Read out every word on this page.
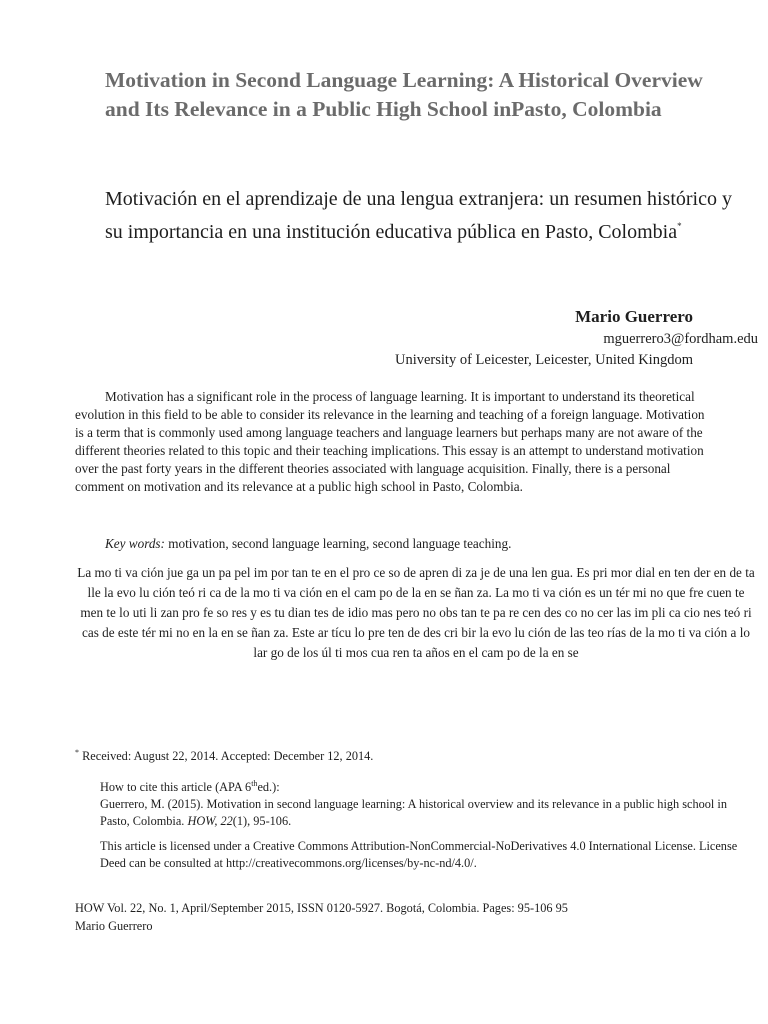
Motivation in Second Language Learning: A Historical Overview and Its Relevance in a Public High School inPasto, Colombia
Motivación en el aprendizaje de una lengua extranjera: un resumen histórico y su importancia en una institución educativa pública en Pasto, Colombia*
Mario Guerrero
mguerrero3@fordham.edu
University of Leicester, Leicester, United Kingdom

Motivation has a significant role in the process of language learning. It is important to understand its theoretical evolution in this field to be able to consider its relevance in the learning and teaching of a foreign language. Motivation is a term that is commonly used among language teachers and language learners but perhaps many are not aware of the different theories related to this topic and their teaching implications. This essay is an attempt to understand motivation over the past forty years in the different theories associated with language acquisition. Finally, there is a personal comment on motivation and its relevance at a public high school in Pasto, Colombia.

Key words: motivation, second language learning, second language teaching.

La mo ti va ción jue ga un pa pel im por tan te en el pro ce so de apren di za je de una len gua. Es pri mor dial en ten der en de ta lle la evo lu ción teó ri ca de la mo ti va ción en el cam po de la en se ñan za. La mo ti va ción es un tér mi no que fre cuen te men te lo uti li zan pro fe so res y es tu dian tes de idio mas pero no obs tan te pa re cen des co no cer las im pli ca cio nes teó ri cas de este tér mi no en la en se ñan za. Este ar tícu lo pre ten de des cri bir la evo lu ción de las teo rías de la mo ti va ción a lo lar go de los úl ti mos cua ren ta años en el cam po de la en se

* Received: August 22, 2014. Accepted: December 12, 2014.
How to cite this article (APA 6thed.):
Guerrero, M. (2015). Motivation in second language learning: A historical overview and its relevance in a public high school in Pasto, Colombia. HOW, 22(1), 95-106.
This article is licensed under a Creative Commons Attribution-NonCommercial-NoDerivatives 4.0 International License. License Deed can be consulted at http://creativecommons.org/licenses/by-nc-nd/4.0/.
HOW Vol. 22, No. 1, April/September 2015, ISSN 0120-5927. Bogotá, Colombia. Pages: 95-106 95
Mario Guerrero
